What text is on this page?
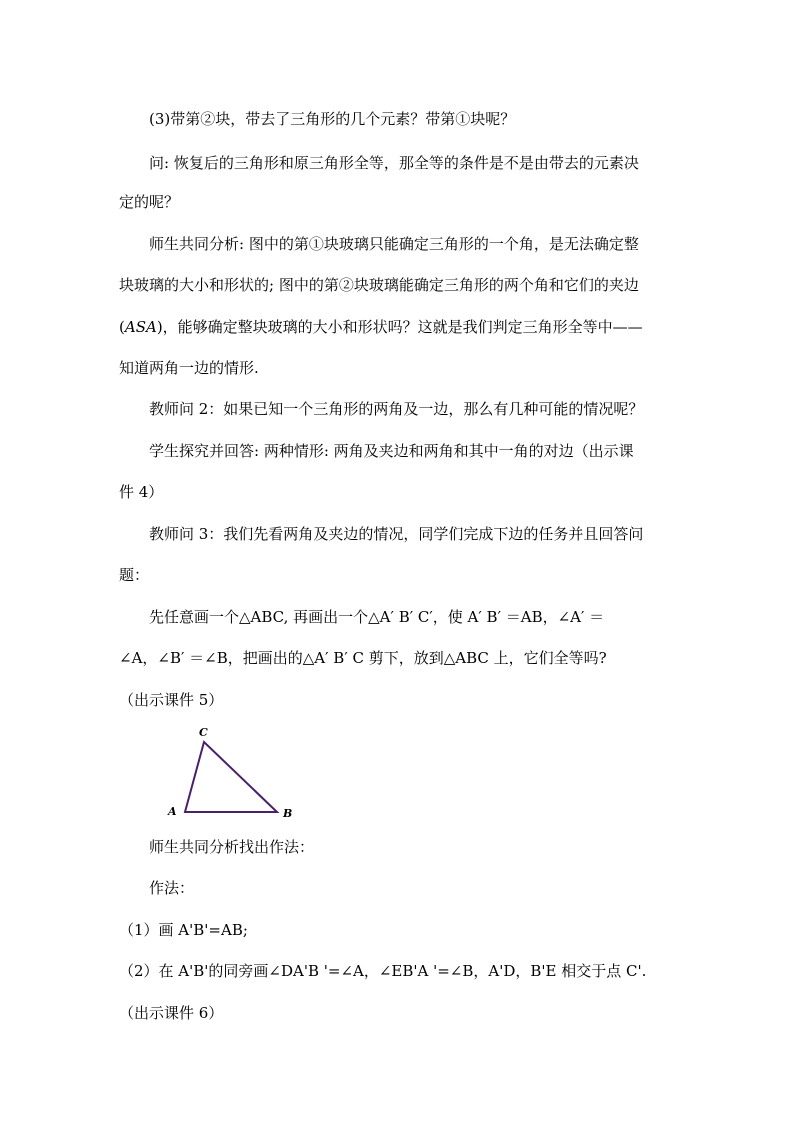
(3)带第②块，带去了三角形的几个元素？带第①块呢？
问: 恢复后的三角形和原三角形全等，那全等的条件是不是由带去的元素决
定的呢？
师生共同分析: 图中的第①块玻璃只能确定三角形的一个角，是无法确定整
块玻璃的大小和形状的; 图中的第②块玻璃能确定三角形的两个角和它们的夹边
(ASA)，能够确定整块玻璃的大小和形状吗？这就是我们判定三角形全等中——
知道两角一边的情形.
教师问 2：如果已知一个三角形的两角及一边，那么有几种可能的情况呢？
学生探究并回答: 两种情形: 两角及夹边和两角和其中一角的对边（出示课
件 4）
教师问 3：我们先看两角及夹边的情况，同学们完成下边的任务并且回答问
题：
先任意画一个△ABC, 再画出一个△A′ B′ C′，使 A′ B′ ＝AB，∠A′ ＝
∠A，∠B′ ＝∠B，把画出的△A′ B′ C 剪下，放到△ABC 上，它们全等吗?
（出示课件 5）
C
A	B
师生共同分析找出作法：
作法：
（1）画 A'B'=AB;
（2）在 A'B'的同旁画∠DA'B '=∠A，∠EB'A '=∠B，A'D，B'E 相交于点 C'.
（出示课件 6）
